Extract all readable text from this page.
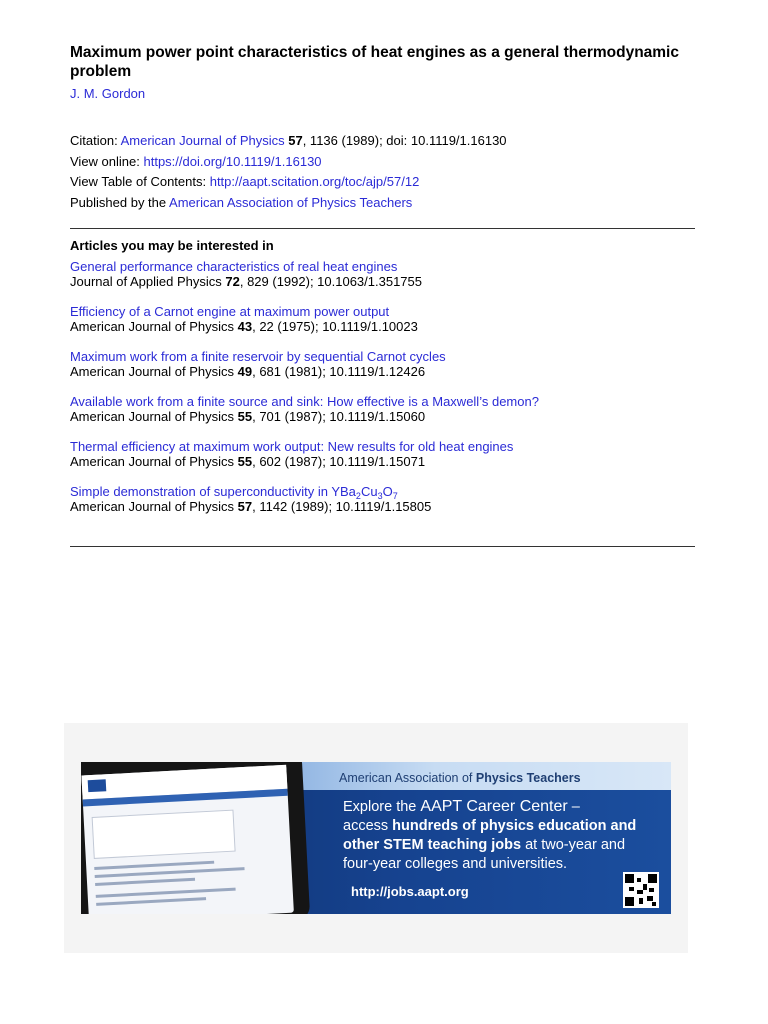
Maximum power point characteristics of heat engines as a general thermodynamic problem
J. M. Gordon
Citation: American Journal of Physics 57, 1136 (1989); doi: 10.1119/1.16130
View online: https://doi.org/10.1119/1.16130
View Table of Contents: http://aapt.scitation.org/toc/ajp/57/12
Published by the American Association of Physics Teachers
Articles you may be interested in
General performance characteristics of real heat engines
Journal of Applied Physics 72, 829 (1992); 10.1063/1.351755
Efficiency of a Carnot engine at maximum power output
American Journal of Physics 43, 22 (1975); 10.1119/1.10023
Maximum work from a finite reservoir by sequential Carnot cycles
American Journal of Physics 49, 681 (1981); 10.1119/1.12426
Available work from a finite source and sink: How effective is a Maxwell’s demon?
American Journal of Physics 55, 701 (1987); 10.1119/1.15060
Thermal efficiency at maximum work output: New results for old heat engines
American Journal of Physics 55, 602 (1987); 10.1119/1.15071
Simple demonstration of superconductivity in $YBa_2Cu_3O_7$
American Journal of Physics 57, 1142 (1989); 10.1119/1.15805
American Association of Physics Teachers
Explore the AAPT Career Center –
access hundreds of physics education and
other STEM teaching jobs at two-year and
four-year colleges and universities.
http://jobs.aapt.org
